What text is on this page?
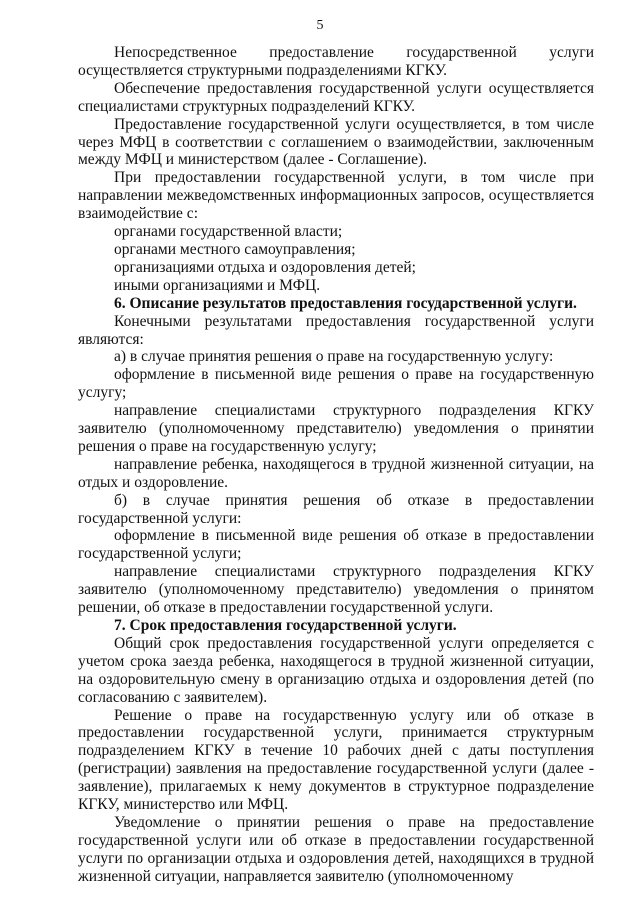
5

Непосредственное предоставление государственной услуги осуществляется структурными подразделениями КГКУ.

Обеспечение предоставления государственной услуги осуществляется специалистами структурных подразделений КГКУ.

Предоставление государственной услуги осуществляется, в том числе через МФЦ в соответствии с соглашением о взаимодействии, заключенным между МФЦ и министерством (далее - Соглашение).

При предоставлении государственной услуги, в том числе при направлении межведомственных информационных запросов, осуществляется взаимодействие с:

органами государственной власти;

органами местного самоуправления;

организациями отдыха и оздоровления детей;

иными организациями и МФЦ.

6. Описание результатов предоставления государственной услуги.

Конечными результатами предоставления государственной услуги являются:

а) в случае принятия решения о праве на государственную услугу:

оформление в письменной виде решения о праве на государственную услугу;

направление специалистами структурного подразделения КГКУ заявителю (уполномоченному представителю) уведомления о принятии решения о праве на государственную услугу;

направление ребенка, находящегося в трудной жизненной ситуации, на отдых и оздоровление.

б) в случае принятия решения об отказе в предоставлении государственной услуги:

оформление в письменной виде решения об отказе в предоставлении государственной услуги;

направление специалистами структурного подразделения КГКУ заявителю (уполномоченному представителю) уведомления о принятом решении, об отказе в предоставлении государственной услуги.

7. Срок предоставления государственной услуги.

Общий срок предоставления государственной услуги определяется с учетом срока заезда ребенка, находящегося в трудной жизненной ситуации, на оздоровительную смену в организацию отдыха и оздоровления детей (по согласованию с заявителем).

Решение о праве на государственную услугу или об отказе в предоставлении государственной услуги, принимается структурным подразделением КГКУ в течение 10 рабочих дней с даты поступления (регистрации) заявления на предоставление государственной услуги (далее - заявление), прилагаемых к нему документов в структурное подразделение КГКУ, министерство или МФЦ.

Уведомление о принятии решения о праве на предоставление государственной услуги или об отказе в предоставлении государственной услуги по организации отдыха и оздоровления детей, находящихся в трудной жизненной ситуации, направляется заявителю (уполномоченному
